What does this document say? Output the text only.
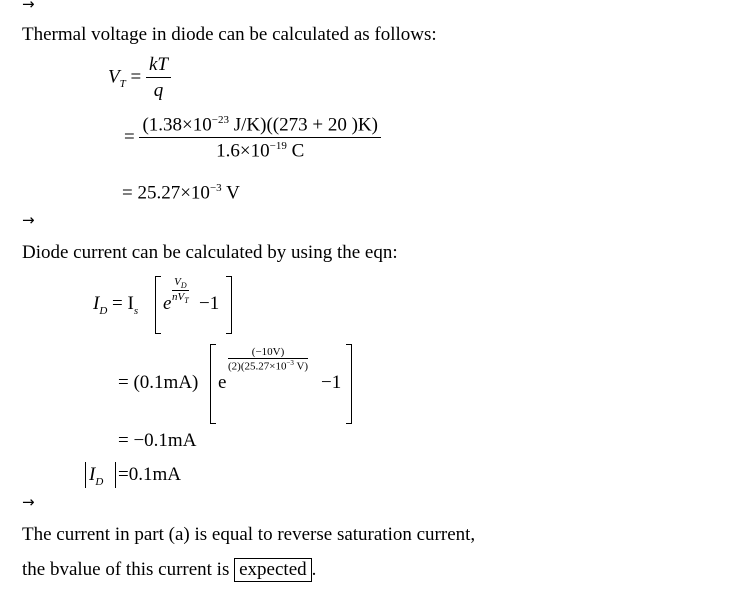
→
Thermal voltage in diode can be calculated as follows:
$V_T = \frac{kT}{q}$
= $\frac{(1.38\times 10^{-23} J/K)((273 + 20 )K)}{1.6\times 10^{-19} C}$
= $25.27\times 10^{-3}$ V
→
Diode current can be calculated by using the eqn:
$I_D = I_s$ e $\frac{V_D}{nV_T} -1$
= (0.1mA) e
$\frac{(-10V)}{(2)(25.27\times 10^{-3} V)}$
−1
= −0.1mA
$I_D =0.1mA$
→
The current in part (a) is equal to reverse saturation current,
the bvalue of this current is expected .
